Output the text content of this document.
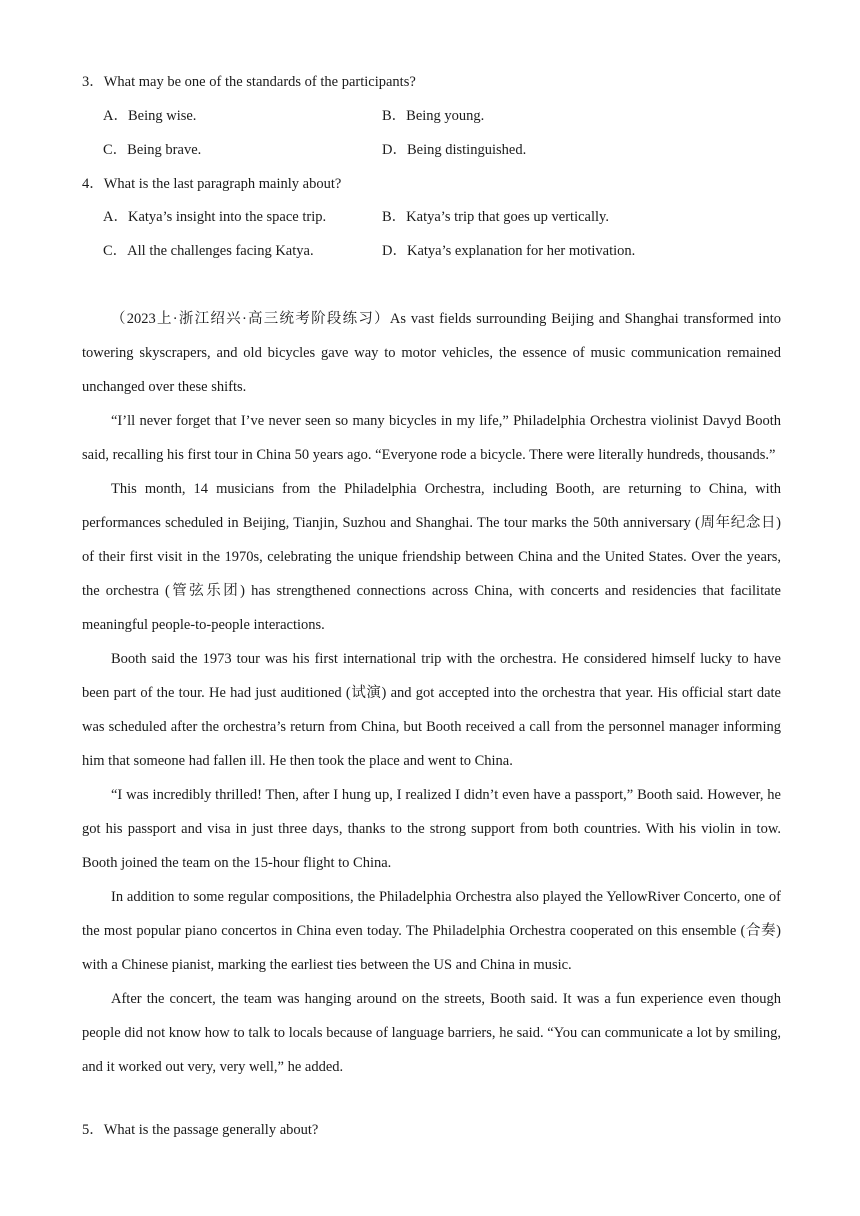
3．What may be one of the standards of the participants?
A．Being wise.	B．Being young.
C．Being brave.	D．Being distinguished.
4．What is the last paragraph mainly about?
A．Katya’s insight into the space trip.	B．Katya’s trip that goes up vertically.
C．All the challenges facing Katya.	D．Katya’s explanation for her motivation.

（2023上·浙江绍兴·高三统考阶段练习）As vast fields surrounding Beijing and Shanghai transformed into towering skyscrapers, and old bicycles gave way to motor vehicles, the essence of music communication remained unchanged over these shifts.

“I’ll never forget that I’ve never seen so many bicycles in my life,” Philadelphia Orchestra violinist Davyd Booth said, recalling his first tour in China 50 years ago. “Everyone rode a bicycle. There were literally hundreds, thousands.”

This month, 14 musicians from the Philadelphia Orchestra, including Booth, are returning to China, with performances scheduled in Beijing, Tianjin, Suzhou and Shanghai. The tour marks the 50th anniversary (周年纪念日) of their first visit in the 1970s, celebrating the unique friendship between China and the United States. Over the years, the orchestra (管弦乐团) has strengthened connections across China, with concerts and residencies that facilitate meaningful people-to-people interactions.

Booth said the 1973 tour was his first international trip with the orchestra. He considered himself lucky to have been part of the tour. He had just auditioned (试演) and got accepted into the orchestra that year. His official start date was scheduled after the orchestra’s return from China, but Booth received a call from the personnel manager informing him that someone had fallen ill. He then took the place and went to China.

“I was incredibly thrilled! Then, after I hung up, I realized I didn’t even have a passport,” Booth said. However, he got his passport and visa in just three days, thanks to the strong support from both countries. With his violin in tow. Booth joined the team on the 15-hour flight to China.

In addition to some regular compositions, the Philadelphia Orchestra also played the YellowRiver Concerto, one of the most popular piano concertos in China even today. The Philadelphia Orchestra cooperated on this ensemble (合奏) with a Chinese pianist, marking the earliest ties between the US and China in music.

After the concert, the team was hanging around on the streets, Booth said. It was a fun experience even though people did not know how to talk to locals because of language barriers, he said. “You can communicate a lot by smiling, and it worked out very, very well,” he added.

5．What is the passage generally about?
